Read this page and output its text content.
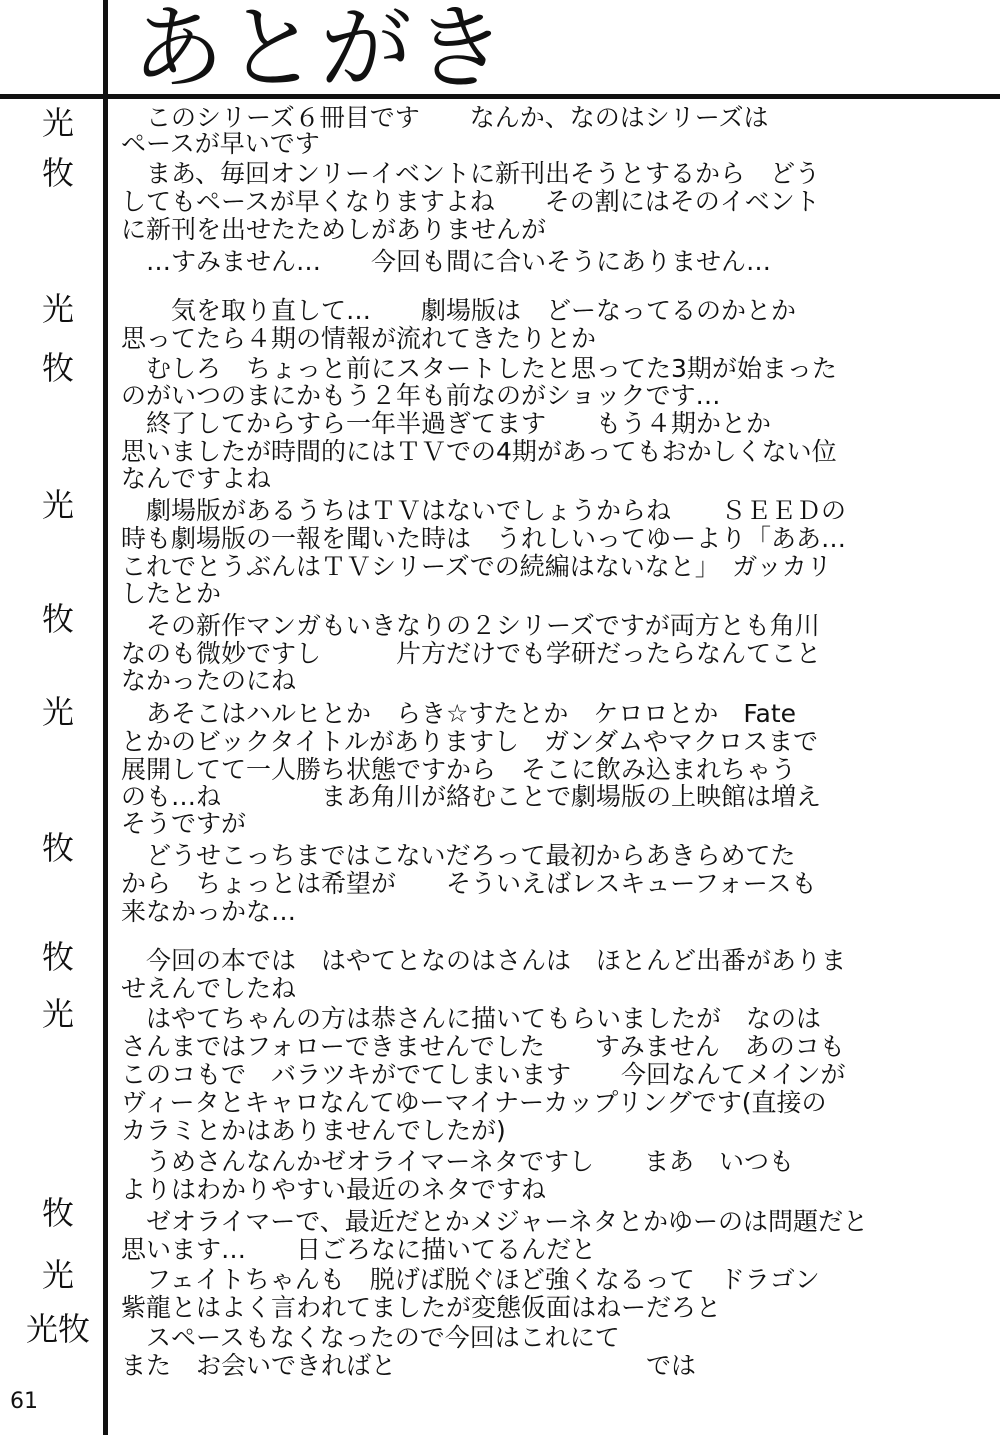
あとがき
光
牧
光
牧
光
牧
光
牧
牧
光
牧
光
光牧
　このシリーズ６冊目です　　なんか、なのはシリーズは
ペースが早いです
　まあ、毎回オンリーイベントに新刊出そうとするから　どう
してもペースが早くなりますよね　　その割にはそのイベント
に新刊を出せたためしがありませんが
　…すみません…　　今回も間に合いそうにありません…
　　気を取り直して…　　劇場版は　どーなってるのかとか
思ってたら４期の情報が流れてきたりとか
　むしろ　ちょっと前にスタートしたと思ってた3期が始まった
のがいつのまにかもう２年も前なのがショックです…
　終了してからすら一年半過ぎてます　　もう４期かとか
思いましたが時間的にはＴＶでの4期があってもおかしくない位
なんですよね
　劇場版があるうちはＴＶはないでしょうからね　　ＳＥＥＤの
時も劇場版の一報を聞いた時は　うれしいってゆーより「ああ…
これでとうぶんはＴＶシリーズでの続編はないなと」　ガッカリ
したとか
　その新作マンガもいきなりの２シリーズですが両方とも角川
なのも微妙ですし　　　片方だけでも学研だったらなんてこと
なかったのにね
　あそこはハルヒとか　らき☆すたとか　ケロロとか　Fate
とかのビックタイトルがありますし　ガンダムやマクロスまで
展開してて一人勝ち状態ですから　そこに飲み込まれちゃう
のも…ね　　　　まあ角川が絡むことで劇場版の上映館は増え
そうですが
　どうせこっちまではこないだろって最初からあきらめてた
から　ちょっとは希望が　　そういえばレスキューフォースも
来なかっかな…
　今回の本では　はやてとなのはさんは　ほとんど出番がありま
せえんでしたね
　はやてちゃんの方は恭さんに描いてもらいましたが　なのは
さんまではフォローできませんでした　　すみません　あのコも
このコもで　バラツキがでてしまいます　　今回なんてメインが
ヴィータとキャロなんてゆーマイナーカップリングです(直接の
カラミとかはありませんでしたが)
　うめさんなんかゼオライマーネタですし　　まあ　いつも
よりはわかりやすい最近のネタですね
　ゼオライマーで、最近だとかメジャーネタとかゆーのは問題だと
思います…　　日ごろなに描いてるんだと
　フェイトちゃんも　脱げば脱ぐほど強くなるって　ドラゴン
紫龍とはよく言われてましたが変態仮面はねーだろと
　スペースもなくなったので今回はこれにて
また　お会いできればと　　　　　　　　　　では
61
